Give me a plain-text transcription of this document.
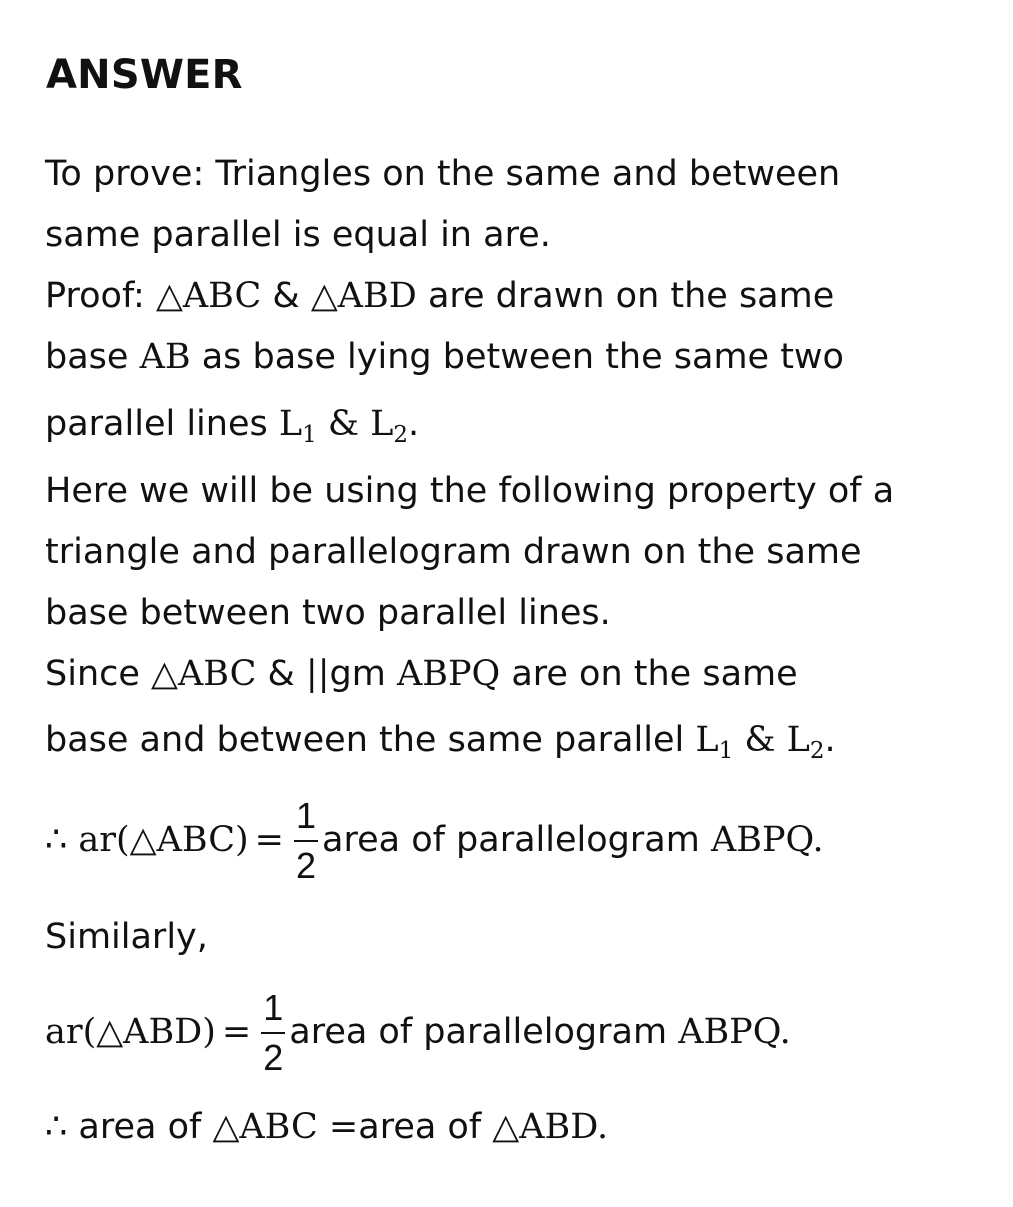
ANSWER
To prove: Triangles on the same and between
same parallel is equal in are.
Proof: △ABC & △ABD are drawn on the same
base AB as base lying between the same two
parallel lines $L_1$ & $L_2$.
Here we will be using the following property of a
triangle and parallelogram drawn on the same
base between two parallel lines.
Since △ABC & ||gm ABPQ are on the same
base and between the same parallel $L_1$ & $L_2$.
∴ ar(△ABC) = $\frac{1}{2}$ area of parallelogram ABPQ.
Similarly,
ar(△ABD) = $\frac{1}{2}$ area of parallelogram ABPQ.
∴ area of △ABC =area of △ABD.
